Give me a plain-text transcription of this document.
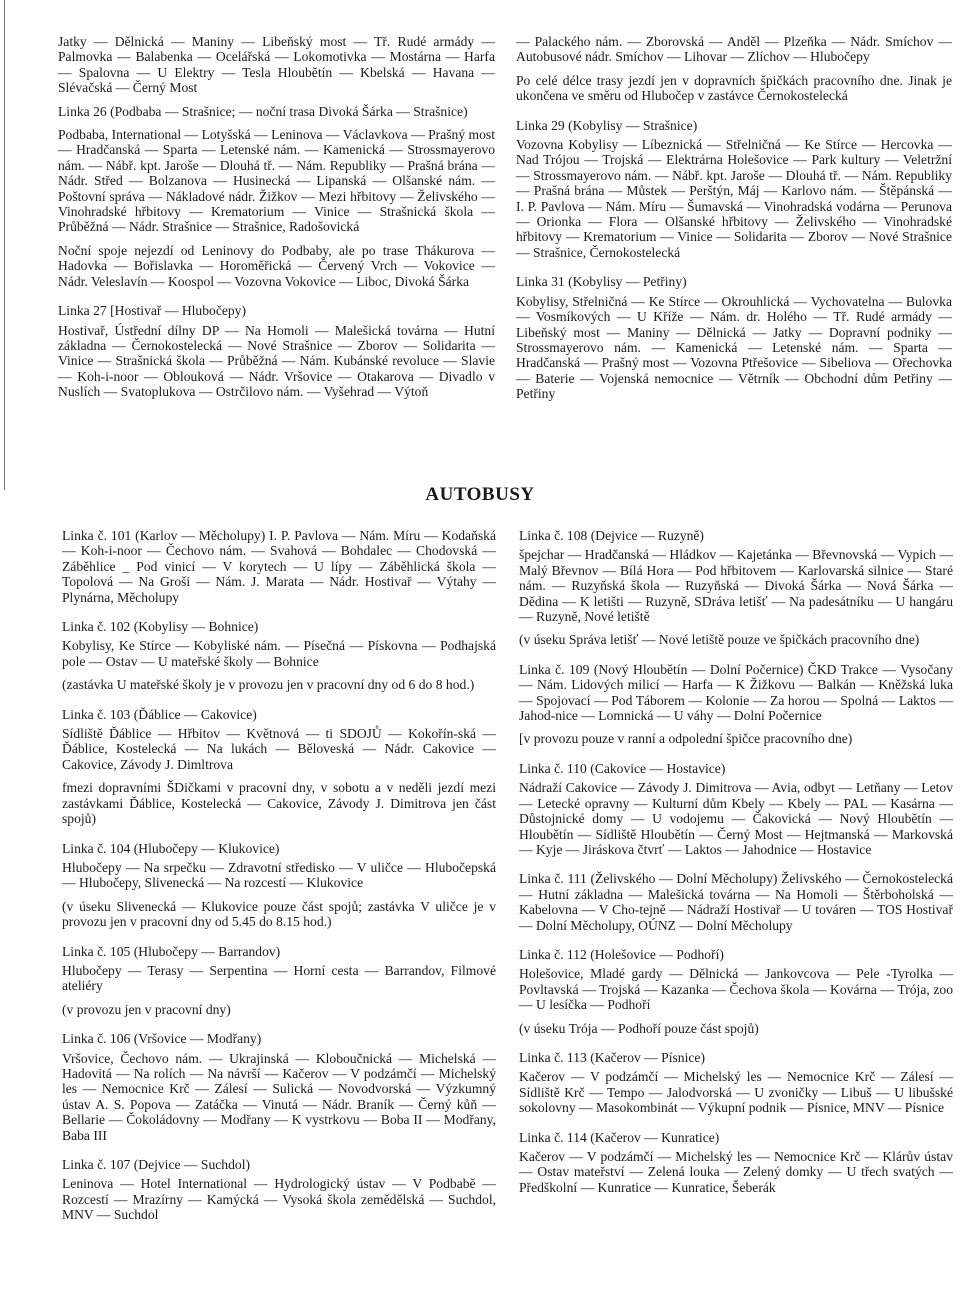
Jatky — Dělnická — Maniny — Libeňský most — Tř. Rudé armády — Palmovka — Balabenka — Ocelářská — Lokomotivka — Mostárna — Harfa — Spalovna — U Elektry — Tesla Hloubětín — Kbelská — Havana — Slévačská — Černý Most

Linka 26 (Podbaba — Strašnice; — noční trasa Divoká Šárka — Strašnice)

Podbaba, International — Lotyšská — Leninova — Václavkova — Prašný most — Hradčanská — Sparta — Letenské nám. — Kamenická — Strossmayerovo nám. — Nábř. kpt. Jaroše — Dlouhá tř. — Nám. Republiky — Prašná brána — Nádr. Střed — Bolzanova — Husinecká — Lipanská — Olšanské nám. — Poštovní správa — Nákladové nádr. Žižkov — Mezi hřbitovy — Želivského — Vinohradské hřbitovy — Krematorium — Vinice — Strašnická škola — Průběžná — Nádr. Strašnice — Strašnice, Radošovická

Noční spoje nejezdí od Leninovy do Podbaby, ale po trase Thákurova — Hadovka — Bořislavka — Horoměřická — Červený Vrch — Vokovice — Nádr. Veleslavín — Koospol — Vozovna Vokovice — Liboc, Divoká Šárka

Linka 27 [Hostivař — Hlubočepy)

Hostivař, Ústřední dílny DP — Na Homoli — Malešická továrna — Hutní základna — Černokostelecká — Nové Strašnice — Zborov — Solidarita — Vinice — Strašnická škola — Průběžná — Nám. Kubánské revoluce — Slavie — Koh-i-noor — Oblouková — Nádr. Vršovice — Otakarova — Divadlo v Nuslích — Svatoplukova — Ostrčilovo nám. — Vyšehrad — Výtoň

— Palackého nám. — Zborovská — Anděl — Plzeňka — Nádr. Smíchov — Autobusové nádr. Smíchov — Lihovar — Zlíchov — Hlubočepy

Po celé délce trasy jezdí jen v dopravních špičkách pracovního dne. Jinak je ukončena ve směru od Hlubočep v zastávce Černokostelecká

Linka 29 (Kobylisy — Strašnice)

Vozovna Kobylisy — Líbeznická — Střelničná — Ke Stírce — Hercovka — Nad Trójou — Trojská — Elektrárna Holešovice — Park kultury — Veletržní — Strossmayerovo nám. — Nábř. kpt. Jaroše — Dlouhá tř. — Nám. Republiky — Prašná brána — Můstek — Perštýn, Máj — Karlovo nám. — Štěpánská — I. P. Pavlova — Nám. Míru — Šumavská — Vinohradská vodárna — Perunova — Orionka — Flora — Olšanské hřbitovy — Želivského — Vinohradské hřbitovy — Krematorium — Vinice — Solidarita — Zborov — Nové Strašnice — Strašnice, Černokostelecká

Linka 31 (Kobylisy — Petřiny)

Kobylisy, Střelničná — Ke Stírce — Okrouhlická — Vychovatelna — Bulovka — Vosmíkových — U Kříže — Nám. dr. Holého — Tř. Rudé armády — Libeňský most — Maniny — Dělnická — Jatky — Dopravní podniky — Strossmayerovo nám. — Kamenická — Letenské nám. — Sparta — Hradčanská — Prašný most — Vozovna Ptřešovice — Sibeliova — Ořechovka — Baterie — Vojenská nemocnice — Větrník — Obchodní dům Petřiny — Petřiny

AUTOBUSY

Linka č. 101 (Karlov — Měcholupy) I. P. Pavlova — Nám. Míru — Kodaňská — Koh-i-noor — Čechovo nám. — Svahová — Bohdalec — Chodovská — Záběhlice _ Pod vinicí — V korytech — U lípy — Záběhlická škola — Topolová — Na Groši — Nám. J. Marata — Nádr. Hostivař — Výtahy — Plynárna, Měcholupy

Linka č. 102 (Kobylisy — Bohnice)

Kobylisy, Ke Stírce — Kobyliské nám. — Písečná — Pískovna — Podhajská pole — Ostav — U mateřské školy — Bohnice

(zastávka U mateřské školy je v provozu jen v pracovní dny od 6 do 8 hod.)

Linka č. 103 (Ďáblice — Cakovice)

Sídliště Ďáblice — Hřbitov — Květnová — ti SDOJŮ — Kokořín-ská — Ďáblice, Kostelecká — Na lukách — Běloveská — Nádr. Cakovice — Cakovice, Závody J. Dimltrova

fmezi dopravními ŠDičkami v pracovní dny, v sobotu a v neděli jezdí mezi zastávkami Ďáblice, Kostelecká — Cakovice, Závody J. Dimitrova jen část spojů)

Linka č. 104 (Hlubočepy — Klukovice)

Hlubočepy — Na srpečku — Zdravotní středisko — V uličce — Hlubočepská — Hlubočepy, Slivenecká — Na rozcestí — Klukovice

(v úseku Slivenecká — Klukovice pouze část spojů; zastávka V uličce je v provozu jen v pracovní dny od 5.45 do 8.15 hod.)

Linka č. 105 (Hlubočepy — Barrandov)

Hlubočepy — Terasy — Serpentina — Horní cesta — Barrandov, Filmové ateliéry

(v provozu jen v pracovní dny)

Linka č. 106 (Vršovice — Modřany)

Vršovice, Čechovo nám. — Ukrajinská — Kloboučnická — Michelská — Hadovitá — Na rolích — Na návrší — Kačerov — V podzámčí — Michelský les — Nemocnice Krč — Zálesí — Sulická — Novodvorská — Výzkumný ústav A. S. Popova — Zatáčka — Vinutá — Nádr. Braník — Černý kůň — Bellarie — Čokoládovny — Modřany — K vystrkovu — Boba II — Modřany, Baba III

Linka č. 107 (Dejvice — Suchdol)

Leninova — Hotel International — Hydrologický ústav — V Podbabě — Rozcestí — Mrazírny — Kamýcká — Vysoká škola zemědělská — Suchdol, MNV — Suchdol

Linka č. 108 (Dejvice — Ruzyně)

špejchar — Hradčanská — Hládkov — Kajetánka — Břevnovská — Vypich — Malý Břevnov — Bílá Hora — Pod hřbitovem — Karlovarská silnice — Staré nám. — Ruzyňská škola — Ruzyňská — Divoká Šárka — Nová Šárka — Dědina — K letišti — Ruzyně, SDráva letišť — Na padesátníku — U hangáru — Ruzyně, Nové letiště

(v úseku Správa letišť — Nové letiště pouze ve špičkách pracovního dne)

Linka č. 109 (Nový Hloubětín — Dolní Počernice) ČKD Trakce — Vysočany — Nám. Lidových milicí — Harfa — K Žižkovu — Balkán — Kněžská luka — Spojovací — Pod Táborem — Kolonie — Za horou — Spolná — Laktos — Jahod-nice — Lomnická — U váhy — Dolní Počernice

[v provozu pouze v ranní a odpolední špičce pracovního dne)

Linka č. 110 (Cakovice — Hostavice)

Nádraží Cakovice — Závody J. Dimitrova — Avia, odbyt — Letňany — Letov — Letecké opravny — Kulturní dům Kbely — Kbely — PAL — Kasárna — Důstojnické domy — U vodojemu — Čakovická — Nový Hloubětín — Hloubětín — Sídliště Hloubětín — Černý Most — Hejtmanská — Markovská — Kyje — Jiráskova čtvrť — Laktos — Jahodnice — Hostavice

Linka č. 111 (Želivského — Dolní Měcholupy) Želivského — Černokostelecká — Hutní základna — Malešická továrna — Na Homoli — Štěrboholská — Kabelovna — V Cho-tejně — Nádraží Hostivař — U továren — TOS Hostivař — Dolní Měcholupy, OÚNZ — Dolní Měcholupy

Linka č. 112 (Holešovice — Podhoří)

Holešovice, Mladé gardy — Dělnická — Jankovcova — Pele -Tyrolka — Povltavská — Trojská — Kazanka — Čechova škola — Kovárna — Trója, zoo — U lesíčka — Podhoří

(v úseku Trója — Podhoří pouze část spojů)

Linka č. 113 (Kačerov — Písnice)

Kačerov — V podzámčí — Michelský les — Nemocnice Krč — Zálesí — Sídliště Krč — Tempo — Jalodvorská — U zvoničky — Libuš — U libušské sokolovny — Masokombinát — Výkupní podnik — Písnice, MNV — Písnice

Linka č. 114 (Kačerov — Kunratice)

Kačerov — V podzámčí — Michelský les — Nemocnice Krč — Klárův ústav — Ostav mateřství — Zelená louka — Zelený domky — U třech svatých — Předškolní — Kunratice — Kunratice, Šeberák
